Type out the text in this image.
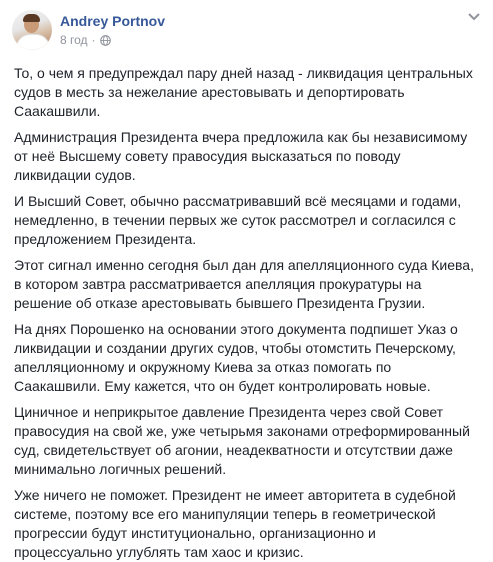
Andrey Portnov
8 год ·

То, о чем я предупреждал пару дней назад - ликвидация центральных судов в месть за нежелание арестовывать и депортировать Саакашвили.

Администрация Президента вчера предложила как бы независимому от неё Высшему совету правосудия высказаться по поводу ликвидации судов.

И Высший Совет, обычно рассматривавший всё месяцами и годами, немедленно, в течении первых же суток рассмотрел и согласился с предложением Президента.

Этот сигнал именно сегодня был дан для апелляционного суда Киева, в котором завтра рассматривается апелляция прокуратуры на решение об отказе арестовывать бывшего Президента Грузии.

На днях Порошенко на основании этого документа подпишет Указ о ликвидации и создании других судов, чтобы отомстить Печерскому, апелляционному и окружному Киева за отказ помогать по Саакашвили. Ему кажется, что он будет контролировать новые.

Циничное и неприкрытое давление Президента через свой Совет правосудия на свой же, уже четырьмя законами отреформированный суд, свидетельствует об агонии, неадекватности и отсутствии даже минимально логичных решений.

Уже ничего не поможет. Президент не имеет авторитета в судебной системе, поэтому все его манипуляции теперь в геометрической прогрессии будут институционально, организационно и процессуально углублять там хаос и кризис.
